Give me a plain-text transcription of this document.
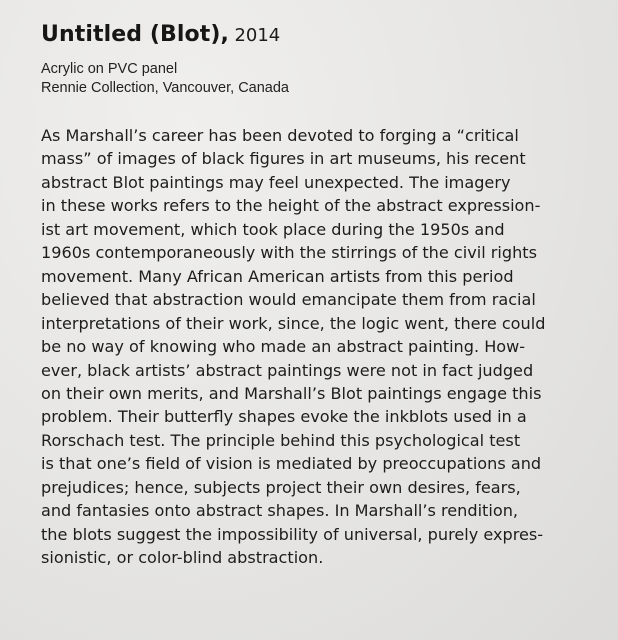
Untitled (Blot), 2014
Acrylic on PVC panel
Rennie Collection, Vancouver, Canada
As Marshall’s career has been devoted to forging a “critical
mass” of images of black figures in art museums, his recent
abstract Blot paintings may feel unexpected. The imagery
in these works refers to the height of the abstract expression-
ist art movement, which took place during the 1950s and
1960s contemporaneously with the stirrings of the civil rights
movement. Many African American artists from this period
believed that abstraction would emancipate them from racial
interpretations of their work, since, the logic went, there could
be no way of knowing who made an abstract painting. How-
ever, black artists’ abstract paintings were not in fact judged
on their own merits, and Marshall’s Blot paintings engage this
problem. Their butterfly shapes evoke the inkblots used in a
Rorschach test. The principle behind this psychological test
is that one’s field of vision is mediated by preoccupations and
prejudices; hence, subjects project their own desires, fears,
and fantasies onto abstract shapes. In Marshall’s rendition,
the blots suggest the impossibility of universal, purely expres-
sionistic, or color-blind abstraction.
